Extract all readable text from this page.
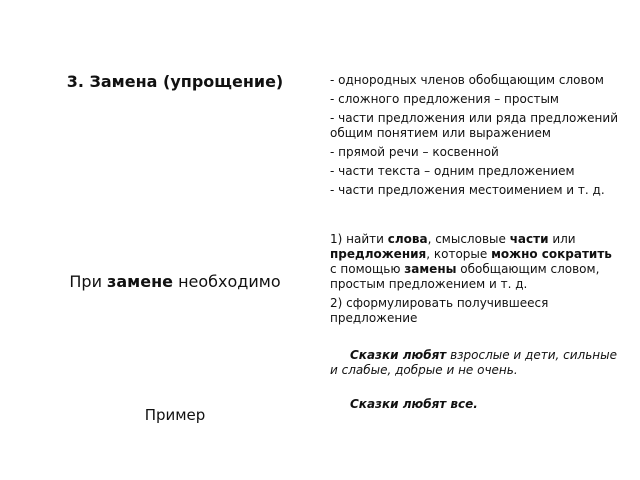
3. Замена (упрощение)	- однородных членов обобщающим словом

- сложного предложения – простым

- части предложения или ряда предложений общим понятием или выражением

- прямой речи – косвенной

- части текста – одним предложением

- части предложения местоимением и т. д.

При замене необходимо

1) найти слова, смысловые части или предложения, которые можно сократить с помощью замены обобщающим словом, простым предложением и т. д.

2) сформулировать получившееся предложение

Пример
Сказки любят взрослые и дети, сильные и слабые, добрые и не очень.
Сказки любят все.
